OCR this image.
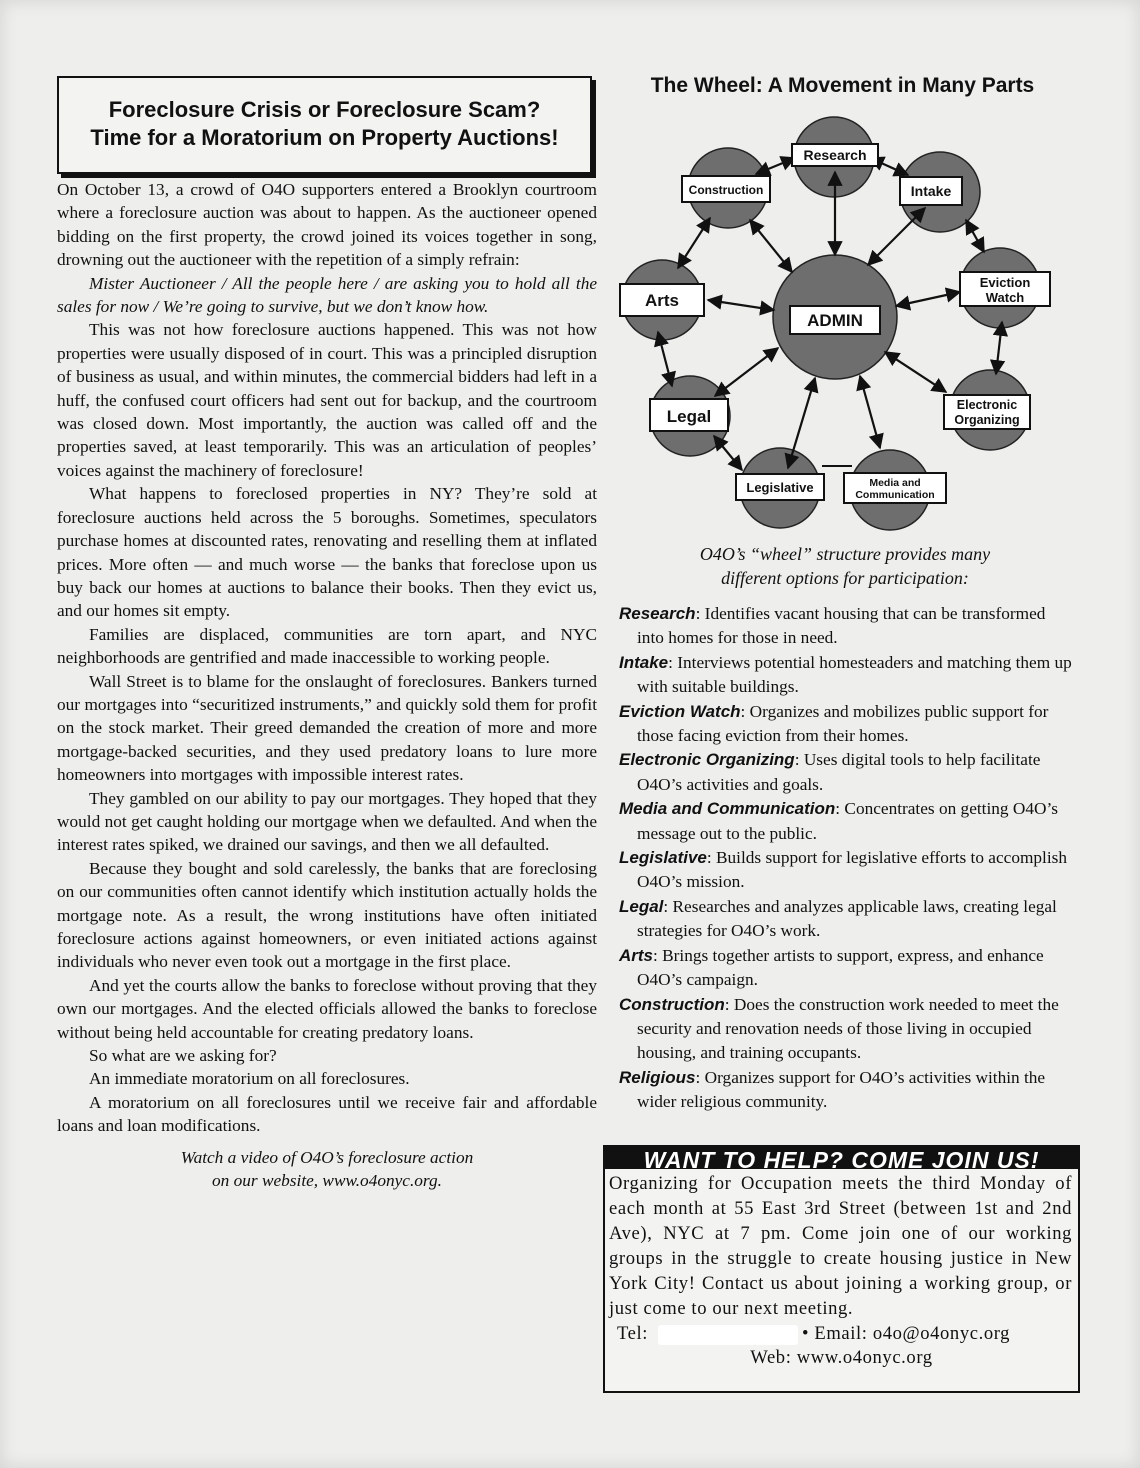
Foreclosure Crisis or Foreclosure Scam?
Time for a Moratorium on Property Auctions!

On October 13, a crowd of O4O supporters entered a Brooklyn courtroom where a foreclosure auction was about to happen. As the auctioneer opened bidding on the first property, the crowd joined its voices together in song, drowning out the auctioneer with the repetition of a simply refrain:

Mister Auctioneer / All the people here / are asking you to hold all the sales for now / We’re going to survive, but we don’t know how.

This was not how foreclosure auctions happened. This was not how properties were usually disposed of in court. This was a principled disruption of business as usual, and within minutes, the commercial bidders had left in a huff, the confused court officers had sent out for backup, and the courtroom was closed down. Most importantly, the auction was called off and the properties saved, at least temporarily. This was an articulation of peoples’ voices against the machinery of foreclosure!

What happens to foreclosed properties in NY? They’re sold at foreclosure auctions held across the 5 boroughs. Sometimes, speculators purchase homes at discounted rates, renovating and reselling them at inflated prices. More often — and much worse — the banks that foreclose upon us buy back our homes at auctions to balance their books. Then they evict us, and our homes sit empty.

Families are displaced, communities are torn apart, and NYC neighborhoods are gentrified and made inaccessible to working people.

Wall Street is to blame for the onslaught of foreclosures. Bankers turned our mortgages into “securitized instruments,” and quickly sold them for profit on the stock market. Their greed demanded the creation of more and more mortgage-backed securities, and they used predatory loans to lure more homeowners into mortgages with impossible interest rates.

They gambled on our ability to pay our mortgages. They hoped that they would not get caught holding our mortgage when we defaulted. And when the interest rates spiked, we drained our savings, and then we all defaulted.

Because they bought and sold carelessly, the banks that are foreclosing on our communities often cannot identify which institution actually holds the mortgage note. As a result, the wrong institutions have often initiated foreclosure actions against homeowners, or even initiated actions against individuals who never even took out a mortgage in the first place.

And yet the courts allow the banks to foreclose without proving that they own our mortgages. And the elected officials allowed the banks to foreclose without being held accountable for creating predatory loans.

So what are we asking for?

An immediate moratorium on all foreclosures.

A moratorium on all foreclosures until we receive fair and affordable loans and loan modifications.

Watch a video of O4O’s foreclosure action
on our website, www.o4onyc.org.

The Wheel: A Movement in Many Parts
Research
Intake
Eviction
Watch
Electronic
Organizing
Media and
Communication
Legislative
Legal
Arts
Construction
ADMIN
O4O’s “wheel” structure provides many
different options for participation:

Research: Identifies vacant housing that can be transformed into homes for those in need.

Intake: Interviews potential homesteaders and matching them up with suitable buildings.

Eviction Watch: Organizes and mobilizes public support for those facing eviction from their homes.

Electronic Organizing: Uses digital tools to help facilitate O4O’s activities and goals.

Media and Communication: Concentrates on getting O4O’s message out to the public.

Legislative: Builds support for legislative efforts to accomplish O4O’s mission.

Legal: Researches and analyzes applicable laws, creating legal strategies for O4O’s work.

Arts: Brings together artists to support, express, and enhance O4O’s campaign.

Construction: Does the construction work needed to meet the security and renovation needs of those living in occupied housing, and training occupants.

Religious: Organizes support for O4O’s activities within the wider religious community.

WANT TO HELP? COME JOIN US!

Organizing for Occupation meets the third Monday of each month at 55 East 3rd Street (between 1st and 2nd Ave), NYC at 7 pm. Come join one of our working groups in the struggle to create housing justice in New York City! Contact us about joining a working group, or just come to our next meeting.

Tel:	• Email: o4o@o4onyc.org
Web: www.o4onyc.org
